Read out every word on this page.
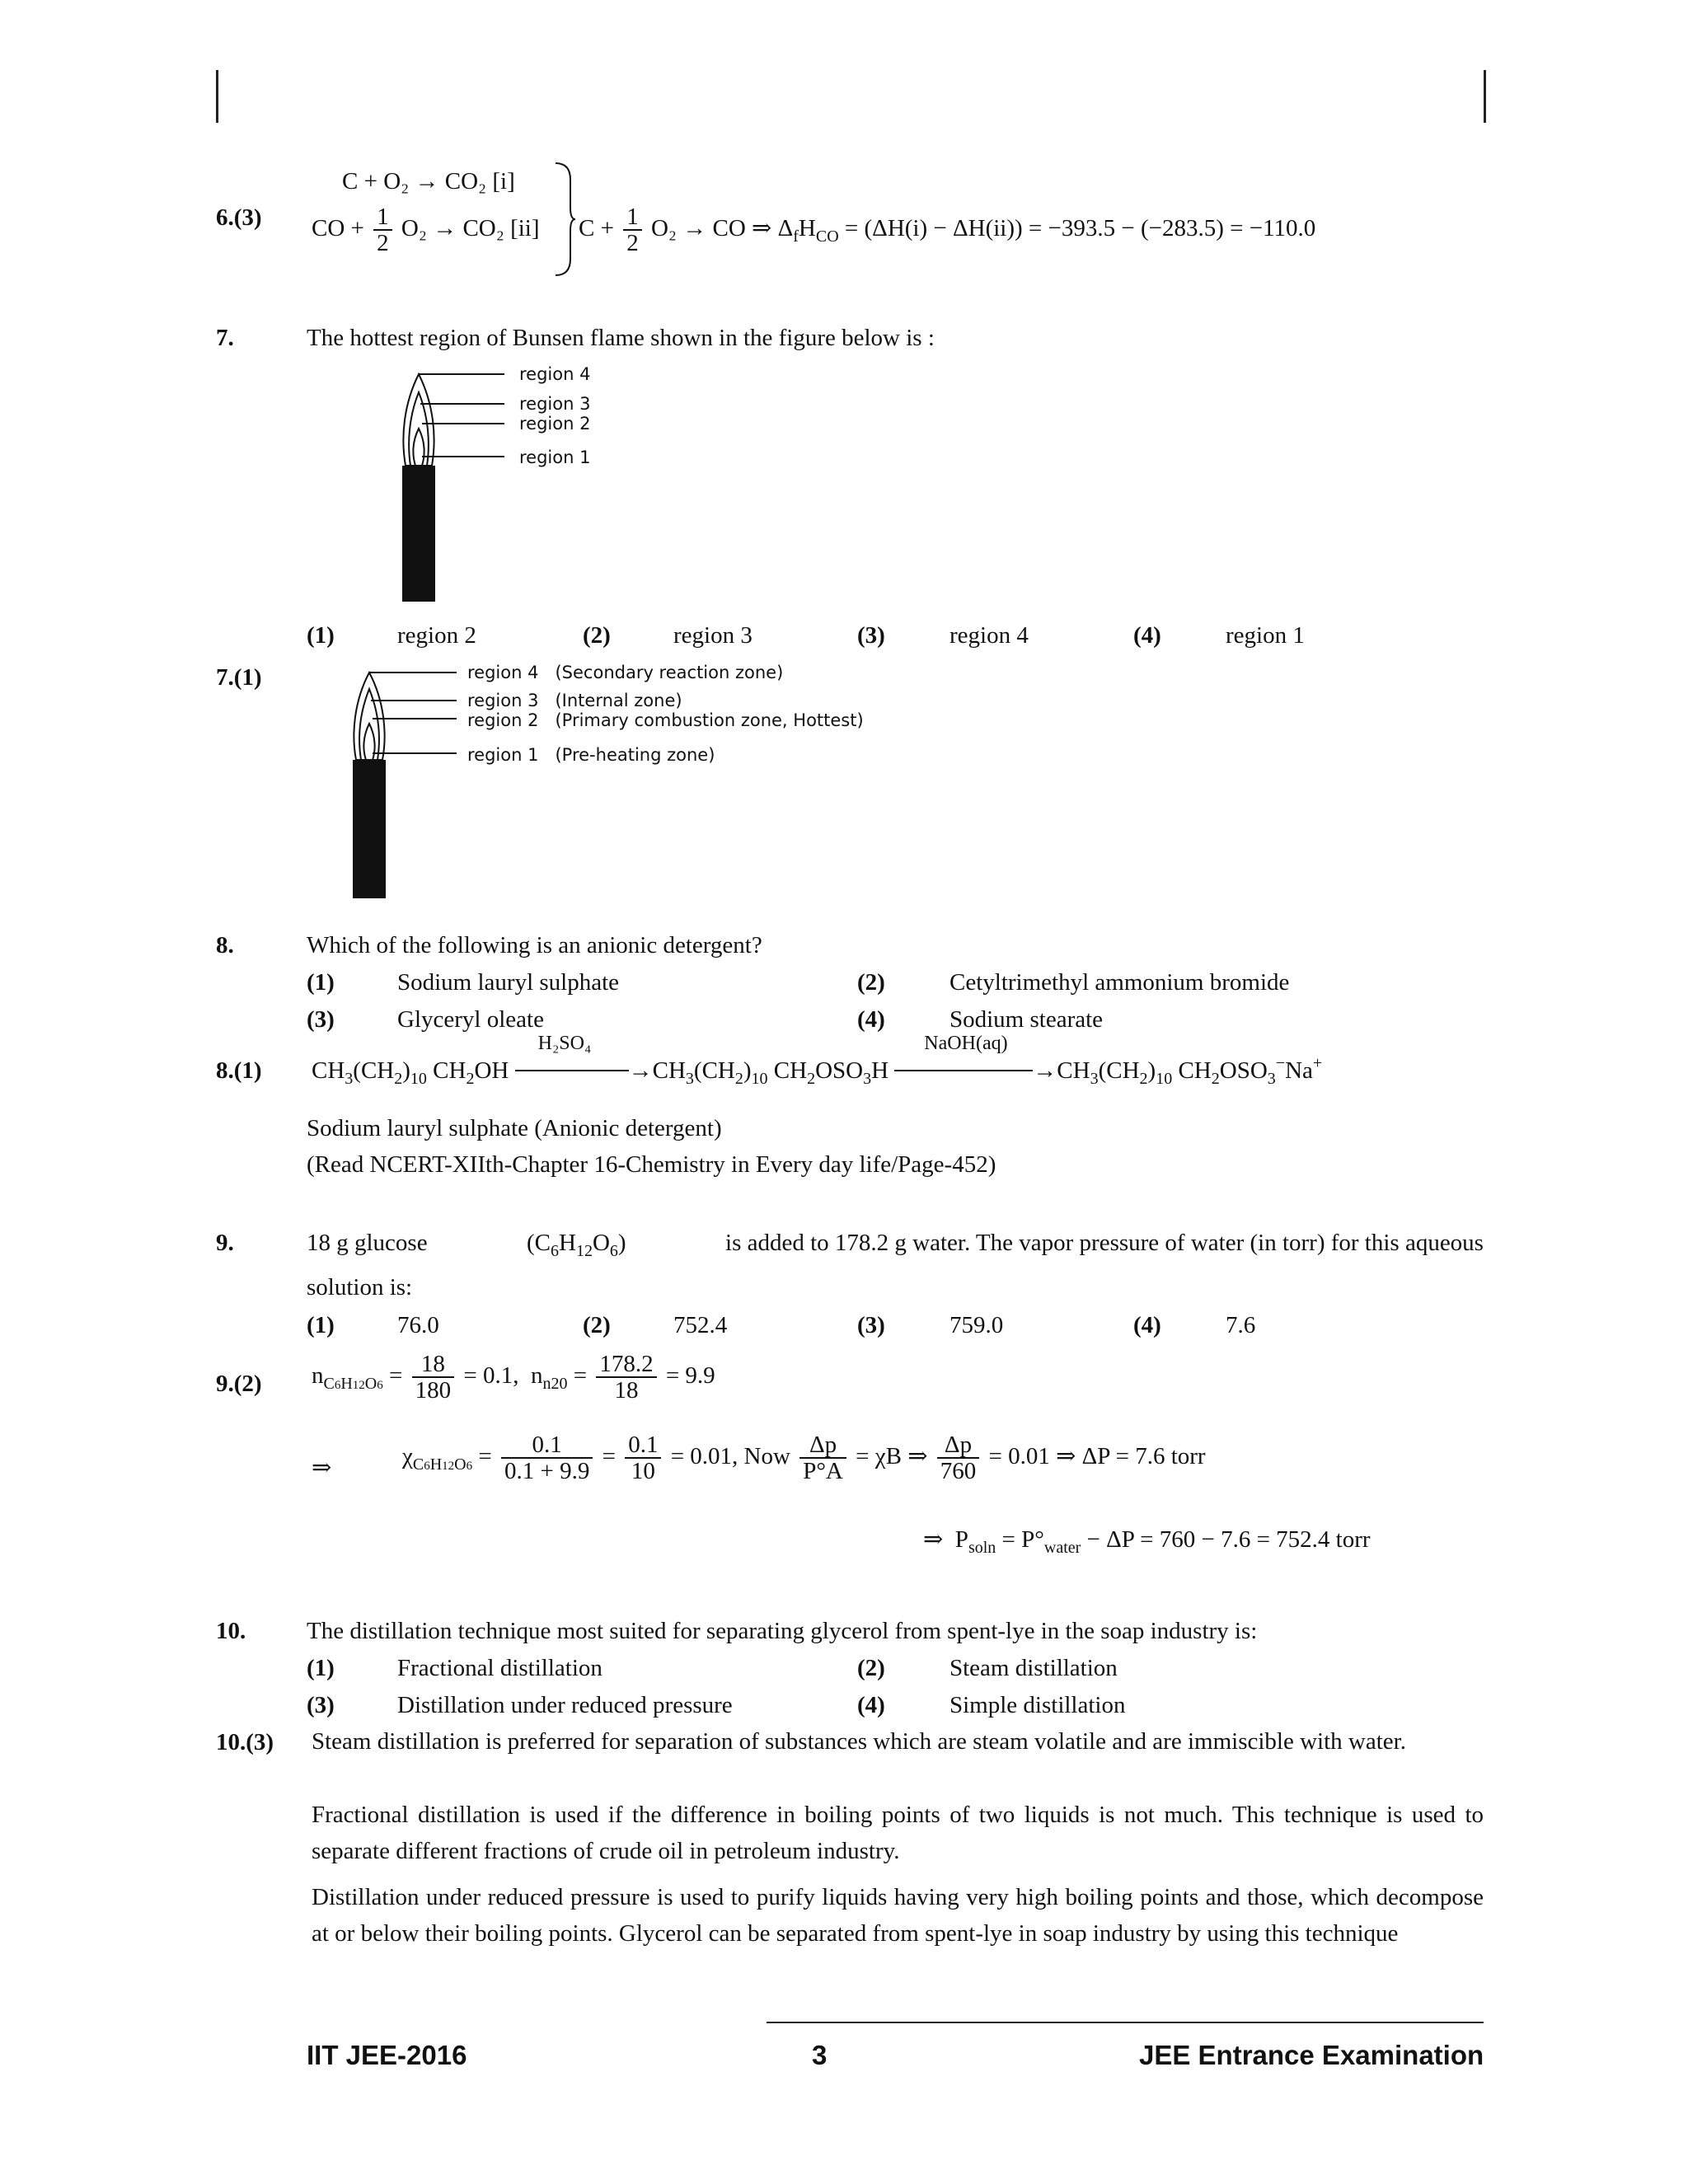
6.(3)
C + O₂ → CO₂ [i]
CO + $\frac{1}{2} O_2 \to CO_2$ [ii] $C + \frac{1}{2} O_2$ → CO ⇒ $\Delta_fH_{CO} = (\Delta H(i) - \Delta H(ii)) = -393.5 - (-283.5) = -110.0$
7.	The hottest region of Bunsen flame shown in the figure below is :
region 4
region 3
region 2
region 1
(1)	region 2	(2)	region 3	(3)	region 4	(4)	region 1
7.(1)	region 4   (Secondary reaction zone)
region 3   (Internal zone)
region 2   (Primary combustion zone, Hottest)
region 1   (Pre-heating zone)
8.	Which of the following is an anionic detergent?
(1)	Sodium lauryl sulphate	(2)	Cetyltrimethyl ammonium bromide
(3)	Glyceryl oleate	(4)	Sodium stearate
8.(1) $CH_3(CH_2)_{10}$ $CH_2OH$
H₂SO₄
$\to CH_3(CH_2)_{10}$ $CH_2OSO_3H$
NaOH(aq)
$\to CH_3(CH_2)_{10}$ $CH_2OSO_3^-Na^+$
Sodium lauryl sulphate (Anionic detergent)
(Read NCERT-XIIth-Chapter 16-Chemistry in Every day life/Page-452)
9.	18 g glucose	$(C_6H_{12}O_6)$	is added to 178.2 g water. The vapor pressure of water (in torr) for this aqueous
solution is:
(1)	76.0	(2)	752.4	(3)	759.0	(4)	7.6
9.(2) $n_{C6H12O6} = \frac{18}{180} = 0.1$,  $n_{n20} = \frac{178.2}{18} = 9.9$
⇒	$\chi_{C6H12O6} = \frac{0.1}{0.1 + 9.9} = \frac{0.1}{10} = 0.01$, Now $\frac{\Delta p}{P^\circ A} = \chi B$ ⇒ $\frac{\Delta p}{760} = 0.01$ ⇒ ΔP = 7.6 torr
⇒  $P_{soln} = P^\circ_{water} - \Delta P = 760 - 7.6 = 752.4$ torr
10.	The distillation technique most suited for separating glycerol from spent-lye in the soap industry is:
(1)	Fractional distillation	(2)	Steam distillation
(3)	Distillation under reduced pressure	(4)	Simple distillation
10.(3) Steam distillation is preferred for separation of substances which are steam volatile and are immiscible with water.
Fractional distillation is used if the difference in boiling points of two liquids is not much. This technique is used to separate different fractions of crude oil in petroleum industry.
Distillation under reduced pressure is used to purify liquids having very high boiling points and those, which decompose at or below their boiling points. Glycerol can be separated from spent-lye in soap industry by using this technique
IIT JEE-2016	3	JEE Entrance Examination
